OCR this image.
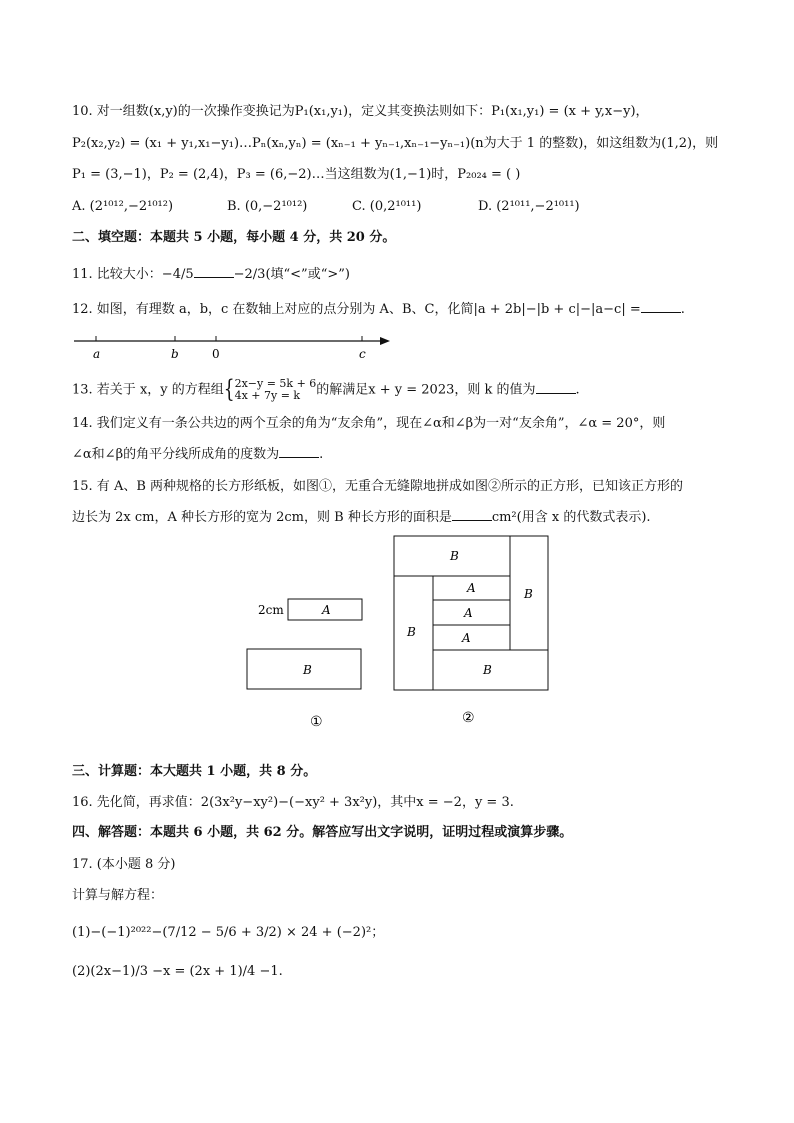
10. 对一组数(x,y)的一次操作变换记为P₁(x₁,y₁)，定义其变换法则如下：P₁(x₁,y₁) = (x + y,x−y)，
P₂(x₂,y₂) = (x₁ + y₁,x₁−y₁)…Pₙ(xₙ,yₙ) = (xₙ₋₁ + yₙ₋₁,xₙ₋₁−yₙ₋₁)(n为大于 1 的整数)，如这组数为(1,2)，则
P₁ = (3,−1)，P₂ = (2,4)，P₃ = (6,−2)…当这组数为(1,−1)时，P₂₀₂₄ = ( )
A. (2¹⁰¹²,−2¹⁰¹²)	B. (0,−2¹⁰¹²)	C. (0,2¹⁰¹¹)	D. (2¹⁰¹¹,−2¹⁰¹¹)
二、填空题：本题共 5 小题，每小题 4 分，共 20 分。
11. 比较大小：−4/5	−2/3(填“<”或“>”)
12. 如图，有理数 a，b，c 在数轴上对应的点分别为 A、B、C，化简|a + 2b|−|b + c|−|a−c| =	.
a	b	0	c
13. 若关于 x，y 的方程组{2x−y = 5k + 6
4x + 7y = k 的解满足x + y = 2023，则 k 的值为	.
14. 我们定义有一条公共边的两个互余的角为“友余角”，现在∠α和∠β为一对“友余角”，∠α = 20°，则
∠α和∠β的角平分线所成角的度数为	.
15. 有 A、B 两种规格的长方形纸板，如图①，无重合无缝隙地拼成如图②所示的正方形，已知该正方形的
边长为 2x cm，A 种长方形的宽为 2cm，则 B 种长方形的面积是	cm²(用含 x 的代数式表示).
2cm	A
B
①
B
B
B
B
A
A
A
②
三、计算题：本大题共 1 小题，共 8 分。
16. 先化简，再求值：2(3x²y−xy²)−(−xy² + 3x²y)，其中x = −2，y = 3.
四、解答题：本题共 6 小题，共 62 分。解答应写出文字说明，证明过程或演算步骤。
17. (本小题 8 分)
计算与解方程：
(1)−(−1)²⁰²²−(7/12 − 5/6 + 3/2) × 24 + (−2)²；
(2)(2x−1)/3 −x = (2x + 1)/4 −1.
